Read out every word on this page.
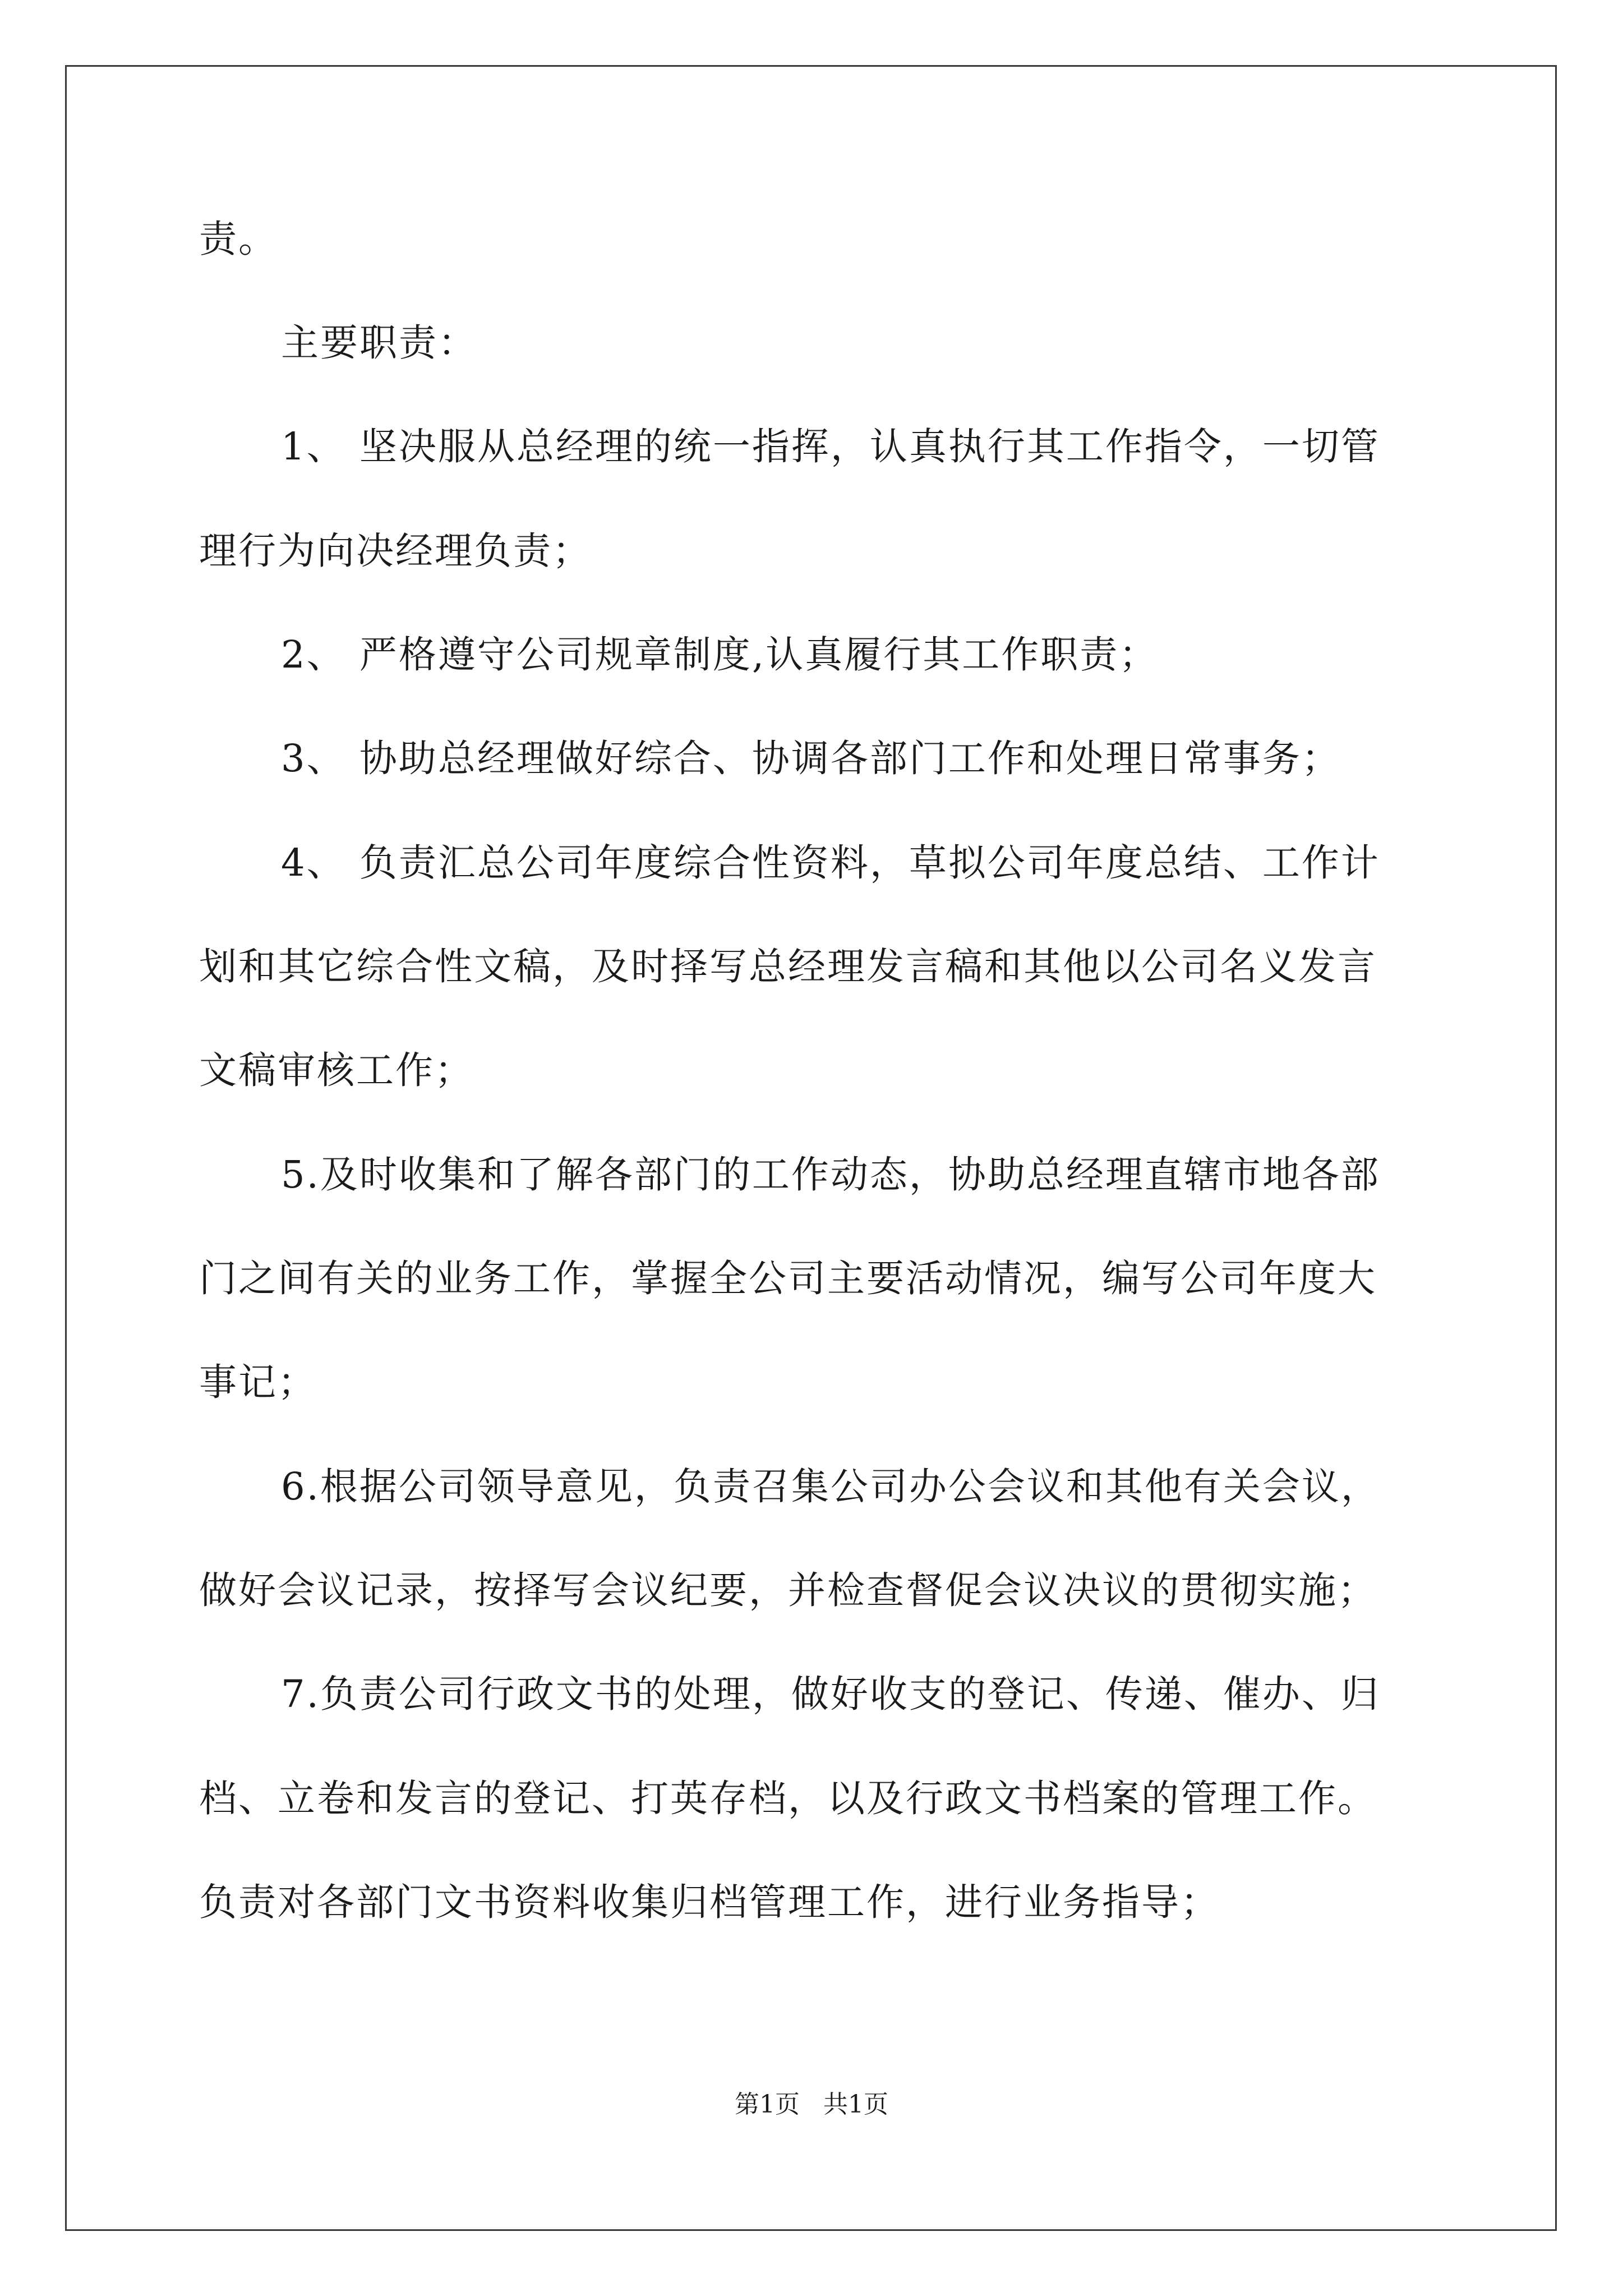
责。
主要职责：
1、 坚决服从总经理的统一指挥，认真执行其工作指令，一切管
理行为向决经理负责；
2、 严格遵守公司规章制度,认真履行其工作职责；
3、 协助总经理做好综合、协调各部门工作和处理日常事务；
4、 负责汇总公司年度综合性资料，草拟公司年度总结、工作计
划和其它综合性文稿，及时择写总经理发言稿和其他以公司名义发言
文稿审核工作；
5.及时收集和了解各部门的工作动态，协助总经理直辖市地各部
门之间有关的业务工作，掌握全公司主要活动情况，编写公司年度大
事记；
6.根据公司领导意见，负责召集公司办公会议和其他有关会议，
做好会议记录，按择写会议纪要，并检查督促会议决议的贯彻实施；
7.负责公司行政文书的处理，做好收支的登记、传递、催办、归
档、立卷和发言的登记、打英存档，以及行政文书档案的管理工作。
负责对各部门文书资料收集归档管理工作，进行业务指导；
第1页 共1页
